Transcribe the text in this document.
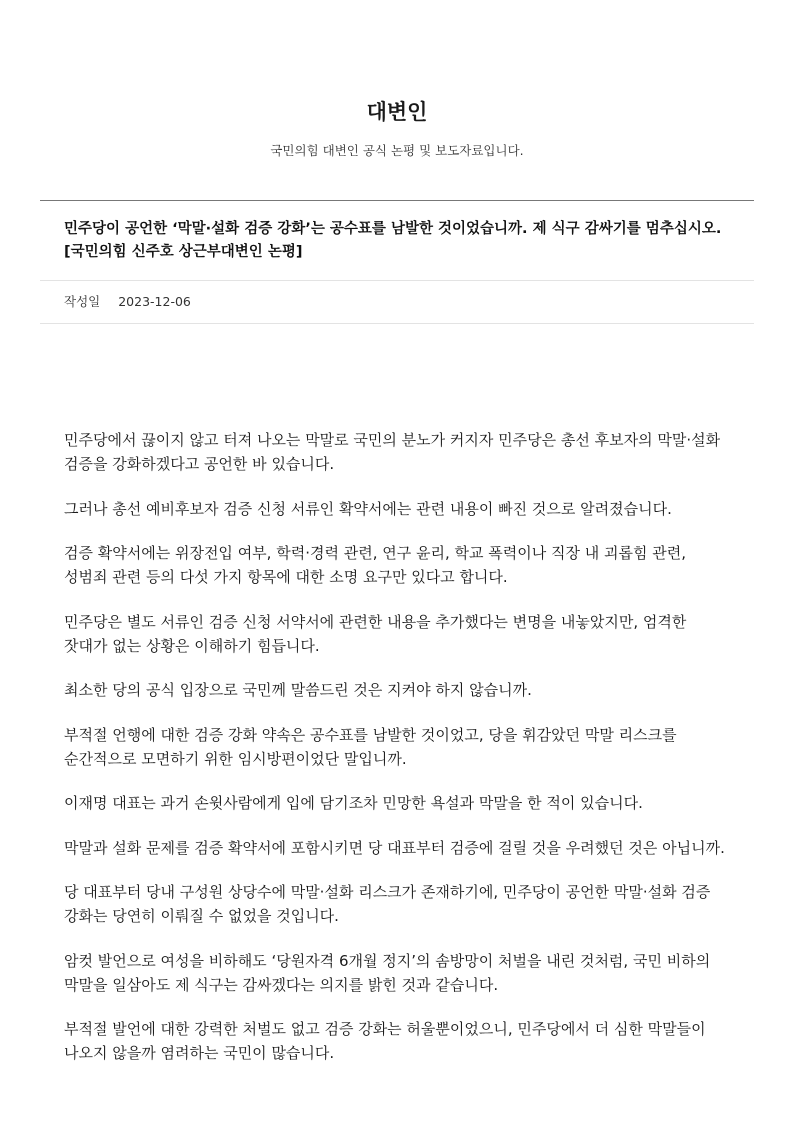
대변인
국민의힘 대변인 공식 논평 및 보도자료입니다.
민주당이 공언한 ‘막말·설화 검증 강화’는 공수표를 남발한 것이었습니까. 제 식구 감싸기를 멈추십시오. [국민의힘 신주호 상근부대변인 논평]
작성일 2023-12-06

민주당에서 끊이지 않고 터져 나오는 막말로 국민의 분노가 커지자 민주당은 총선 후보자의 막말·설화 검증을 강화하겠다고 공언한 바 있습니다.

그러나 총선 예비후보자 검증 신청 서류인 확약서에는 관련 내용이 빠진 것으로 알려졌습니다.

검증 확약서에는 위장전입 여부, 학력·경력 관련, 연구 윤리, 학교 폭력이나 직장 내 괴롭힘 관련, 성범죄 관련 등의 다섯 가지 항목에 대한 소명 요구만 있다고 합니다.

민주당은 별도 서류인 검증 신청 서약서에 관련한 내용을 추가했다는 변명을 내놓았지만, 엄격한 잣대가 없는 상황은 이해하기 힘듭니다.

최소한 당의 공식 입장으로 국민께 말씀드린 것은 지켜야 하지 않습니까.

부적절 언행에 대한 검증 강화 약속은 공수표를 남발한 것이었고, 당을 휘감았던 막말 리스크를 순간적으로 모면하기 위한 임시방편이었단 말입니까.

이재명 대표는 과거 손윗사람에게 입에 담기조차 민망한 욕설과 막말을 한 적이 있습니다.

막말과 설화 문제를 검증 확약서에 포함시키면 당 대표부터 검증에 걸릴 것을 우려했던 것은 아닙니까.

당 대표부터 당내 구성원 상당수에 막말·설화 리스크가 존재하기에, 민주당이 공언한 막말·설화 검증 강화는 당연히 이뤄질 수 없었을 것입니다.

암컷 발언으로 여성을 비하해도 ‘당원자격 6개월 정지’의 솜방망이 처벌을 내린 것처럼, 국민 비하의 막말을 일삼아도 제 식구는 감싸겠다는 의지를 밝힌 것과 같습니다.

부적절 발언에 대한 강력한 처벌도 없고 검증 강화는 허울뿐이었으니, 민주당에서 더 심한 막말들이 나오지 않을까 염려하는 국민이 많습니다.
